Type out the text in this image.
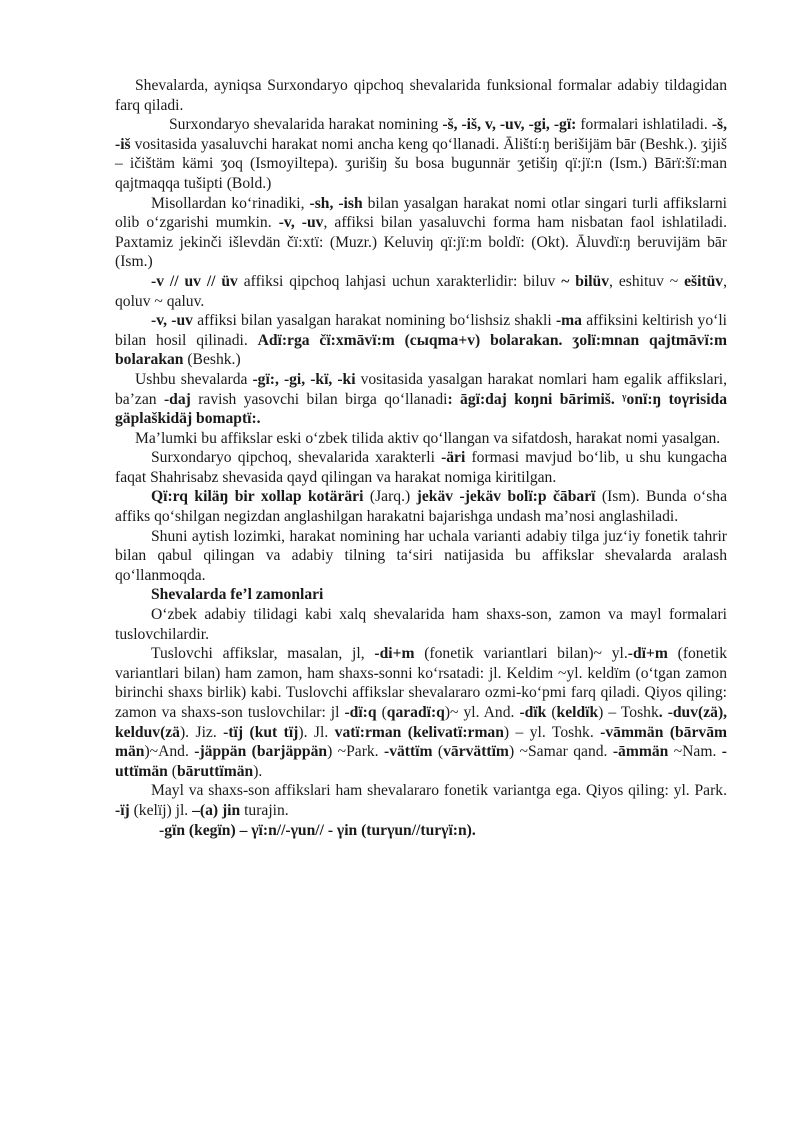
Shevalarda, ayniqsa Surxondaryo qipchoq shevalarida funksional formalar adabiy tildagidan farq qiladi.

Surxondaryo shevalarida harakat nomining -š, -iš, v, -uv, -gi, -gï: formalari ishlatiladi. -š, -iš vositasida yasaluvchi harakat nomi ancha keng qo‘llanadi. Āliští:ŋ berišijäm bār (Beshk.). ʒijiš – ičištäm kämi ʒoq (Ismoyiltepa). ʒurišiŋ šu bosa bugunnär ʒetišiŋ qï:jï:n (Ism.) Bārï:šï:man qajtmaqqa tušipti (Bold.)

Misollardan ko‘rinadiki, -sh, -ish bilan yasalgan harakat nomi otlar singari turli affikslarni olib o‘zgarishi mumkin. -v, -uv, affiksi bilan yasaluvchi forma ham nisbatan faol ishlatiladi. Paxtamiz jekinči išlevdän čï:xtï: (Muzr.) Keluviŋ qï:jï:m boldï: (Okt). Āluvdï:ŋ beruvijäm bār (Ism.)

-v // uv // üv affiksi qipchoq lahjasi uchun xarakterlidir: biluv ~ bilüv, eshituv ~ ešitüv, qoluv ~ qaluv.

-v, -uv affiksi bilan yasalgan harakat nomining bo‘lishsiz shakli -ma affiksini keltirish yo‘li bilan hosil qilinadi. Adï:rga čï:xmāvï:m (cыqma+v) bolarakan. ʒolï:mnan qajtmāvï:m bolarakan (Beshk.)

Ushbu shevalarda -gï:, -gi, -kï, -ki vositasida yasalgan harakat nomlari ham egalik affikslari, ba’zan -daj ravish yasovchi bilan birga qo‘llanadi: āgï:daj koŋni bārimiš. ᵞonï:ŋ toγrisida gäplaškidäj bomaptï:.

Ma’lumki bu affikslar eski o‘zbek tilida aktiv qo‘llangan va sifatdosh, harakat nomi yasalgan.

Surxondaryo qipchoq, shevalarida xarakterli -äri formasi mavjud bo‘lib, u shu kungacha faqat Shahrisabz shevasida qayd qilingan va harakat nomiga kiritilgan.

Qï:rq kiläŋ bir xollap kotäräri (Jarq.) jekäv -jekäv bolï:p čābarï (Ism). Bunda o‘sha affiks qo‘shilgan negizdan anglashilgan harakatni bajarishga undash ma’nosi anglashiladi.

Shuni aytish lozimki, harakat nomining har uchala varianti adabiy tilga juz‘iy fonetik tahrir bilan qabul qilingan va adabiy tilning ta‘siri natijasida bu affikslar shevalarda aralash qo‘llanmoqda.

Shevalarda fe’l zamonlari

O‘zbek adabiy tilidagi kabi xalq shevalarida ham shaxs-son, zamon va mayl formalari tuslovchilardir.

Tuslovchi affikslar, masalan, jl, -di+m (fonetik variantlari bilan)~ yl.-dï+m (fonetik variantlari bilan) ham zamon, ham shaxs-sonni ko‘rsatadi: jl. Keldim ~yl. keldïm (o‘tgan zamon birinchi shaxs birlik) kabi. Tuslovchi affikslar shevalararo ozmi-ko‘pmi farq qiladi. Qiyos qiling: zamon va shaxs-son tuslovchilar: jl -dï:q (qaradï:q)~ yl. And. -dïk (keldïk) – Toshk. -duv(zä), kelduv(zä). Jiz. -tïj (kut tïj). Jl. vatï:rman (kelivatï:rman) – yl. Toshk. -vāmmän (bārvām män)~And. -jäppän (barjäppän) ~Park. -vättïm (vārvättïm) ~Samar qand. -āmmän ~Nam. -uttïmän (bāruttïmän).

Mayl va shaxs-son affikslari ham shevalararo fonetik variantga ega. Qiyos qiling: yl. Park. -ïj (kelïj) jl. –(a) jin turajin.

-gïn (kegïn) – γï:n//-γun// - γin (turγun//turγï:n).
